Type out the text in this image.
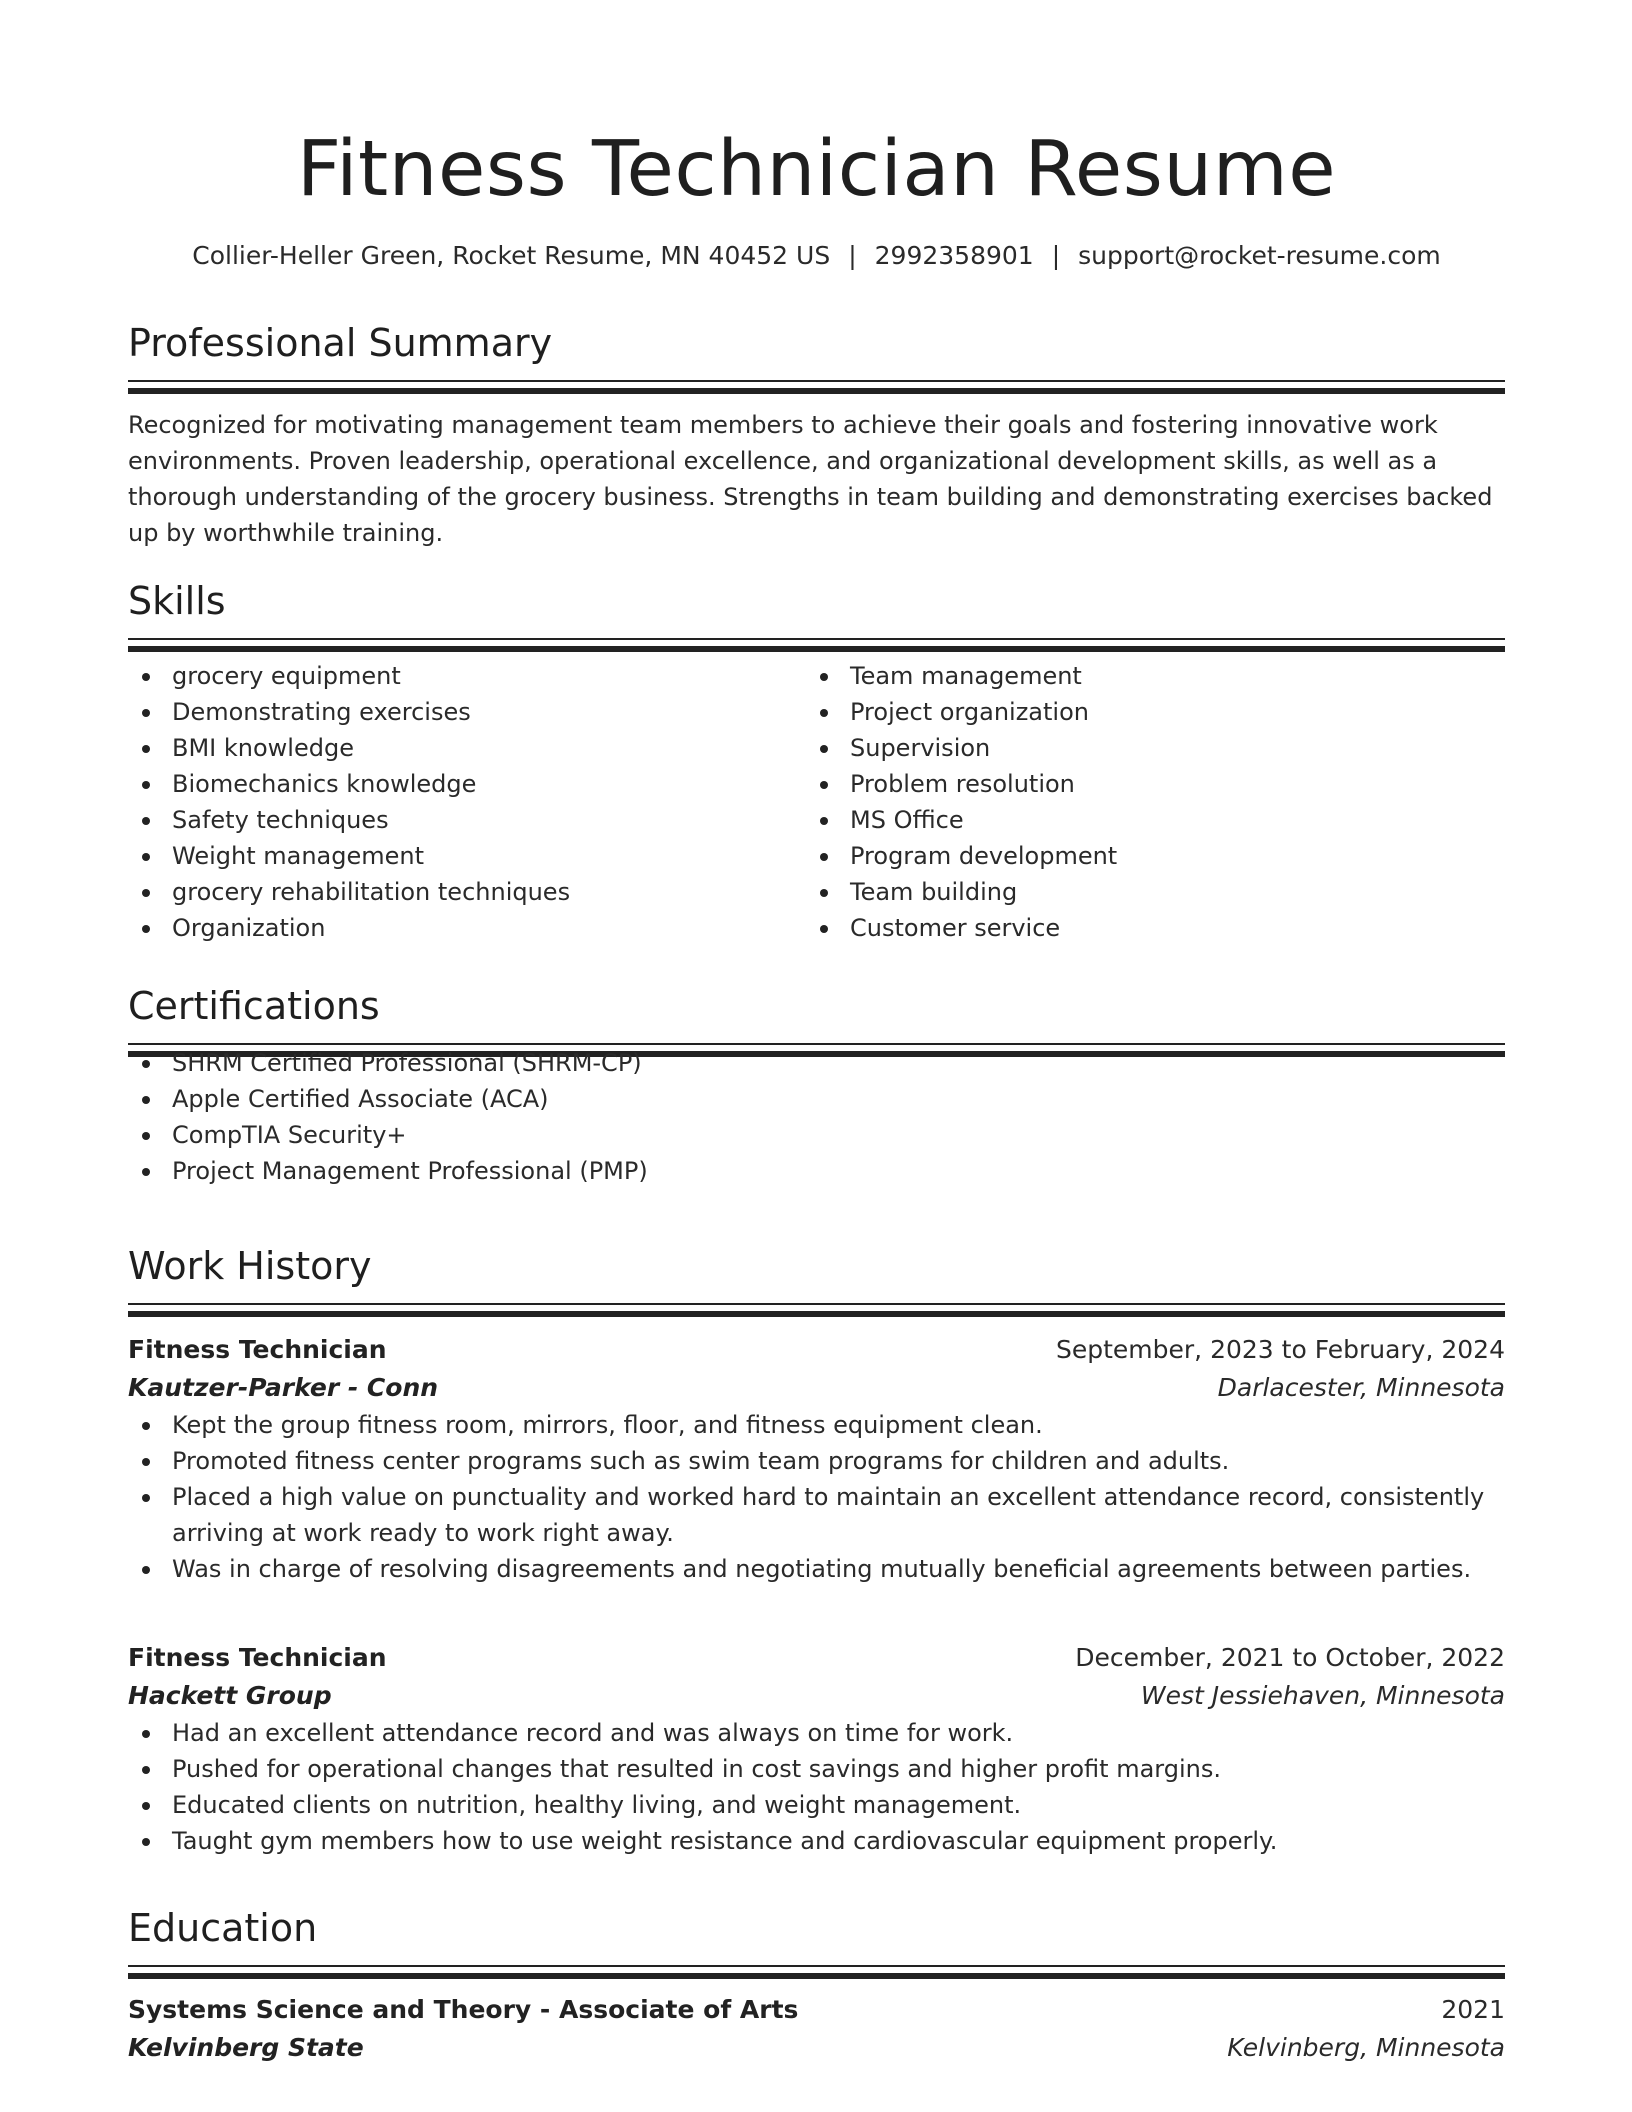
Fitness Technician Resume
Collier-Heller Green, Rocket Resume, MN 40452 US | 2992358901 | support@rocket-resume.com
Professional Summary
Recognized for motivating management team members to achieve their goals and fostering innovative work environments. Proven leadership, operational excellence, and organizational development skills, as well as a thorough understanding of the grocery business. Strengths in team building and demonstrating exercises backed up by worthwhile training.
Skills
grocery equipment
Demonstrating exercises
BMI knowledge
Biomechanics knowledge
Safety techniques
Weight management
grocery rehabilitation techniques
Organization
Team management
Project organization
Supervision
Problem resolution
MS Office
Program development
Team building
Customer service
Certifications
SHRM Certified Professional (SHRM-CP)
Apple Certified Associate (ACA)
CompTIA Security+
Project Management Professional (PMP)
Work History
Fitness Technician	September, 2023 to February, 2024
Kautzer-Parker - Conn	Darlacester, Minnesota
Kept the group fitness room, mirrors, floor, and fitness equipment clean.
Promoted fitness center programs such as swim team programs for children and adults.
Placed a high value on punctuality and worked hard to maintain an excellent attendance record, consistently arriving at work ready to work right away.
Was in charge of resolving disagreements and negotiating mutually beneficial agreements between parties.
Fitness Technician	December, 2021 to October, 2022
Hackett Group	West Jessiehaven, Minnesota
Had an excellent attendance record and was always on time for work.
Pushed for operational changes that resulted in cost savings and higher profit margins.
Educated clients on nutrition, healthy living, and weight management.
Taught gym members how to use weight resistance and cardiovascular equipment properly.
Education
Systems Science and Theory - Associate of Arts	2021
Kelvinberg State	Kelvinberg, Minnesota
